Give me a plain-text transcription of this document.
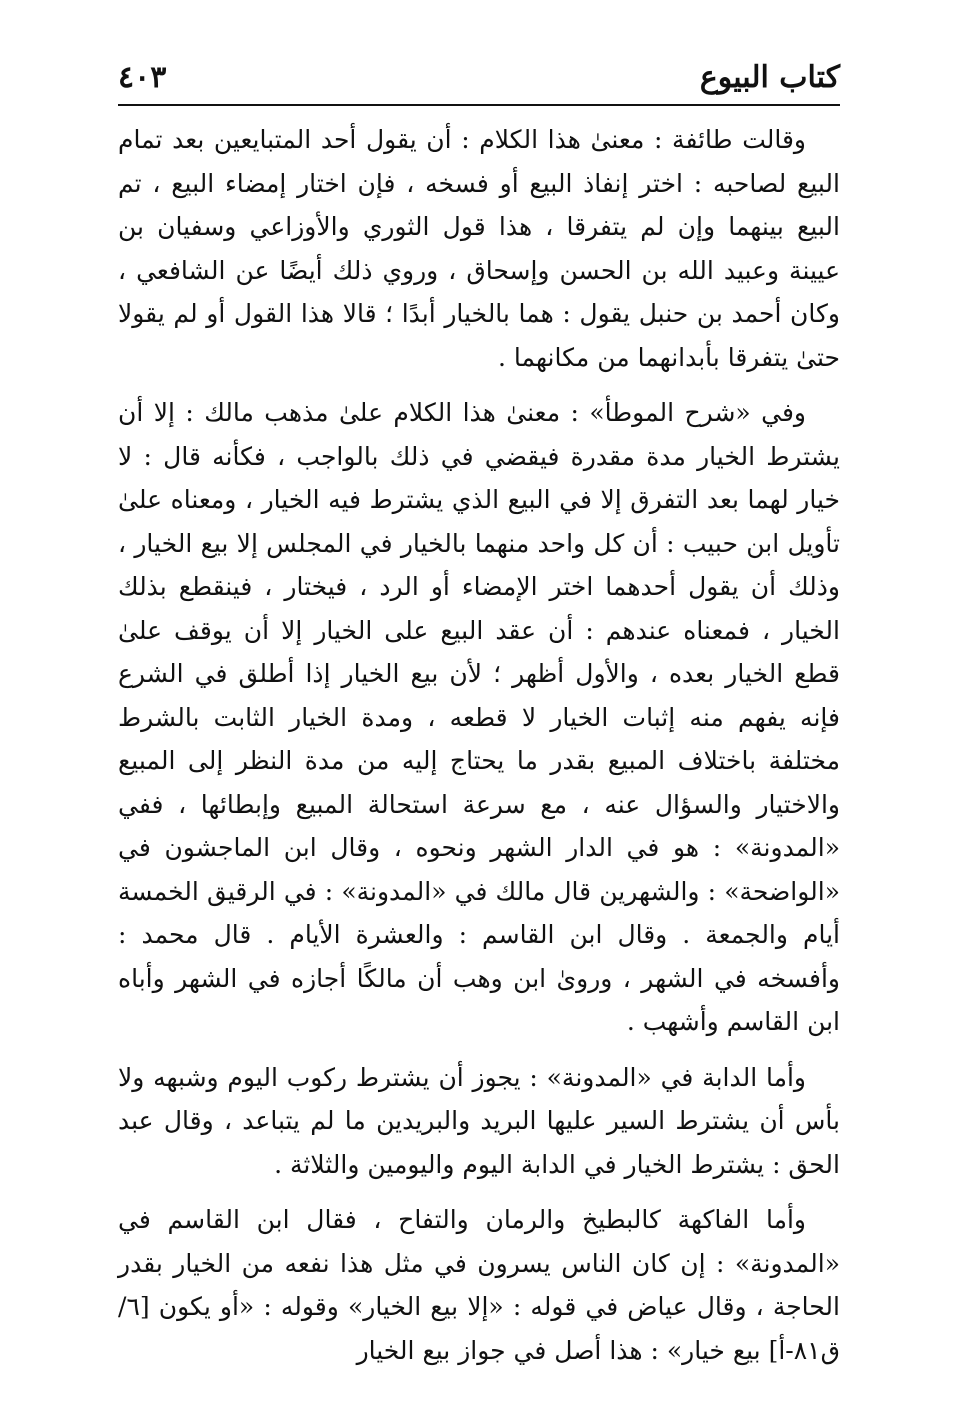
كتاب البيوع
٤٠٣

وقالت طائفة : معنىٰ هذا الكلام : أن يقول أحد المتبايعين بعد تمام البيع لصاحبه : اختر إنفاذ البيع أو فسخه ، فإن اختار إمضاء البيع ، تم البيع بينهما وإن لم يتفرقا ، هذا قول الثوري والأوزاعي وسفيان بن عيينة وعبيد الله بن الحسن وإسحاق ، وروي ذلك أيضًا عن الشافعي ، وكان أحمد بن حنبل يقول : هما بالخيار أبدًا ؛ قالا هذا القول أو لم يقولا حتىٰ يتفرقا بأبدانهما من مكانهما .

وفي «شرح الموطأ» : معنىٰ هذا الكلام علىٰ مذهب مالك : إلا أن يشترط الخيار مدة مقدرة فيقضي في ذلك بالواجب ، فكأنه قال : لا خيار لهما بعد التفرق إلا في البيع الذي يشترط فيه الخيار ، ومعناه علىٰ تأويل ابن حبيب : أن كل واحد منهما بالخيار في المجلس إلا بيع الخيار ، وذلك أن يقول أحدهما اختر الإمضاء أو الرد ، فيختار ، فينقطع بذلك الخيار ، فمعناه عندهم : أن عقد البيع على الخيار إلا أن يوقف علىٰ قطع الخيار بعده ، والأول أظهر ؛ لأن بيع الخيار إذا أطلق في الشرع فإنه يفهم منه إثبات الخيار لا قطعه ، ومدة الخيار الثابت بالشرط مختلفة باختلاف المبيع بقدر ما يحتاج إليه من مدة النظر إلى المبيع والاختيار والسؤال عنه ، مع سرعة استحالة المبيع وإبطائها ، ففي «المدونة» : هو في الدار الشهر ونحوه ، وقال ابن الماجشون في «الواضحة» : والشهرين قال مالك في «المدونة» : في الرقيق الخمسة أيام والجمعة . وقال ابن القاسم : والعشرة الأيام . قال محمد : وأفسخه في الشهر ، وروىٰ ابن وهب أن مالكًا أجازه في الشهر وأباه ابن القاسم وأشهب .

وأما الدابة في «المدونة» : يجوز أن يشترط ركوب اليوم وشبهه ولا بأس أن يشترط السير عليها البريد والبريدين ما لم يتباعد ، وقال عبد الحق : يشترط الخيار في الدابة اليوم واليومين والثلاثة .

وأما الفاكهة كالبطيخ والرمان والتفاح ، فقال ابن القاسم في «المدونة» : إن كان الناس يسرون في مثل هذا نفعه من الخيار بقدر الحاجة ، وقال عياض في قوله : «إلا بيع الخيار» وقوله : «أو يكون [٦/ ق٨١-أ] بيع خيار» : هذا أصل في جواز بيع الخيار
